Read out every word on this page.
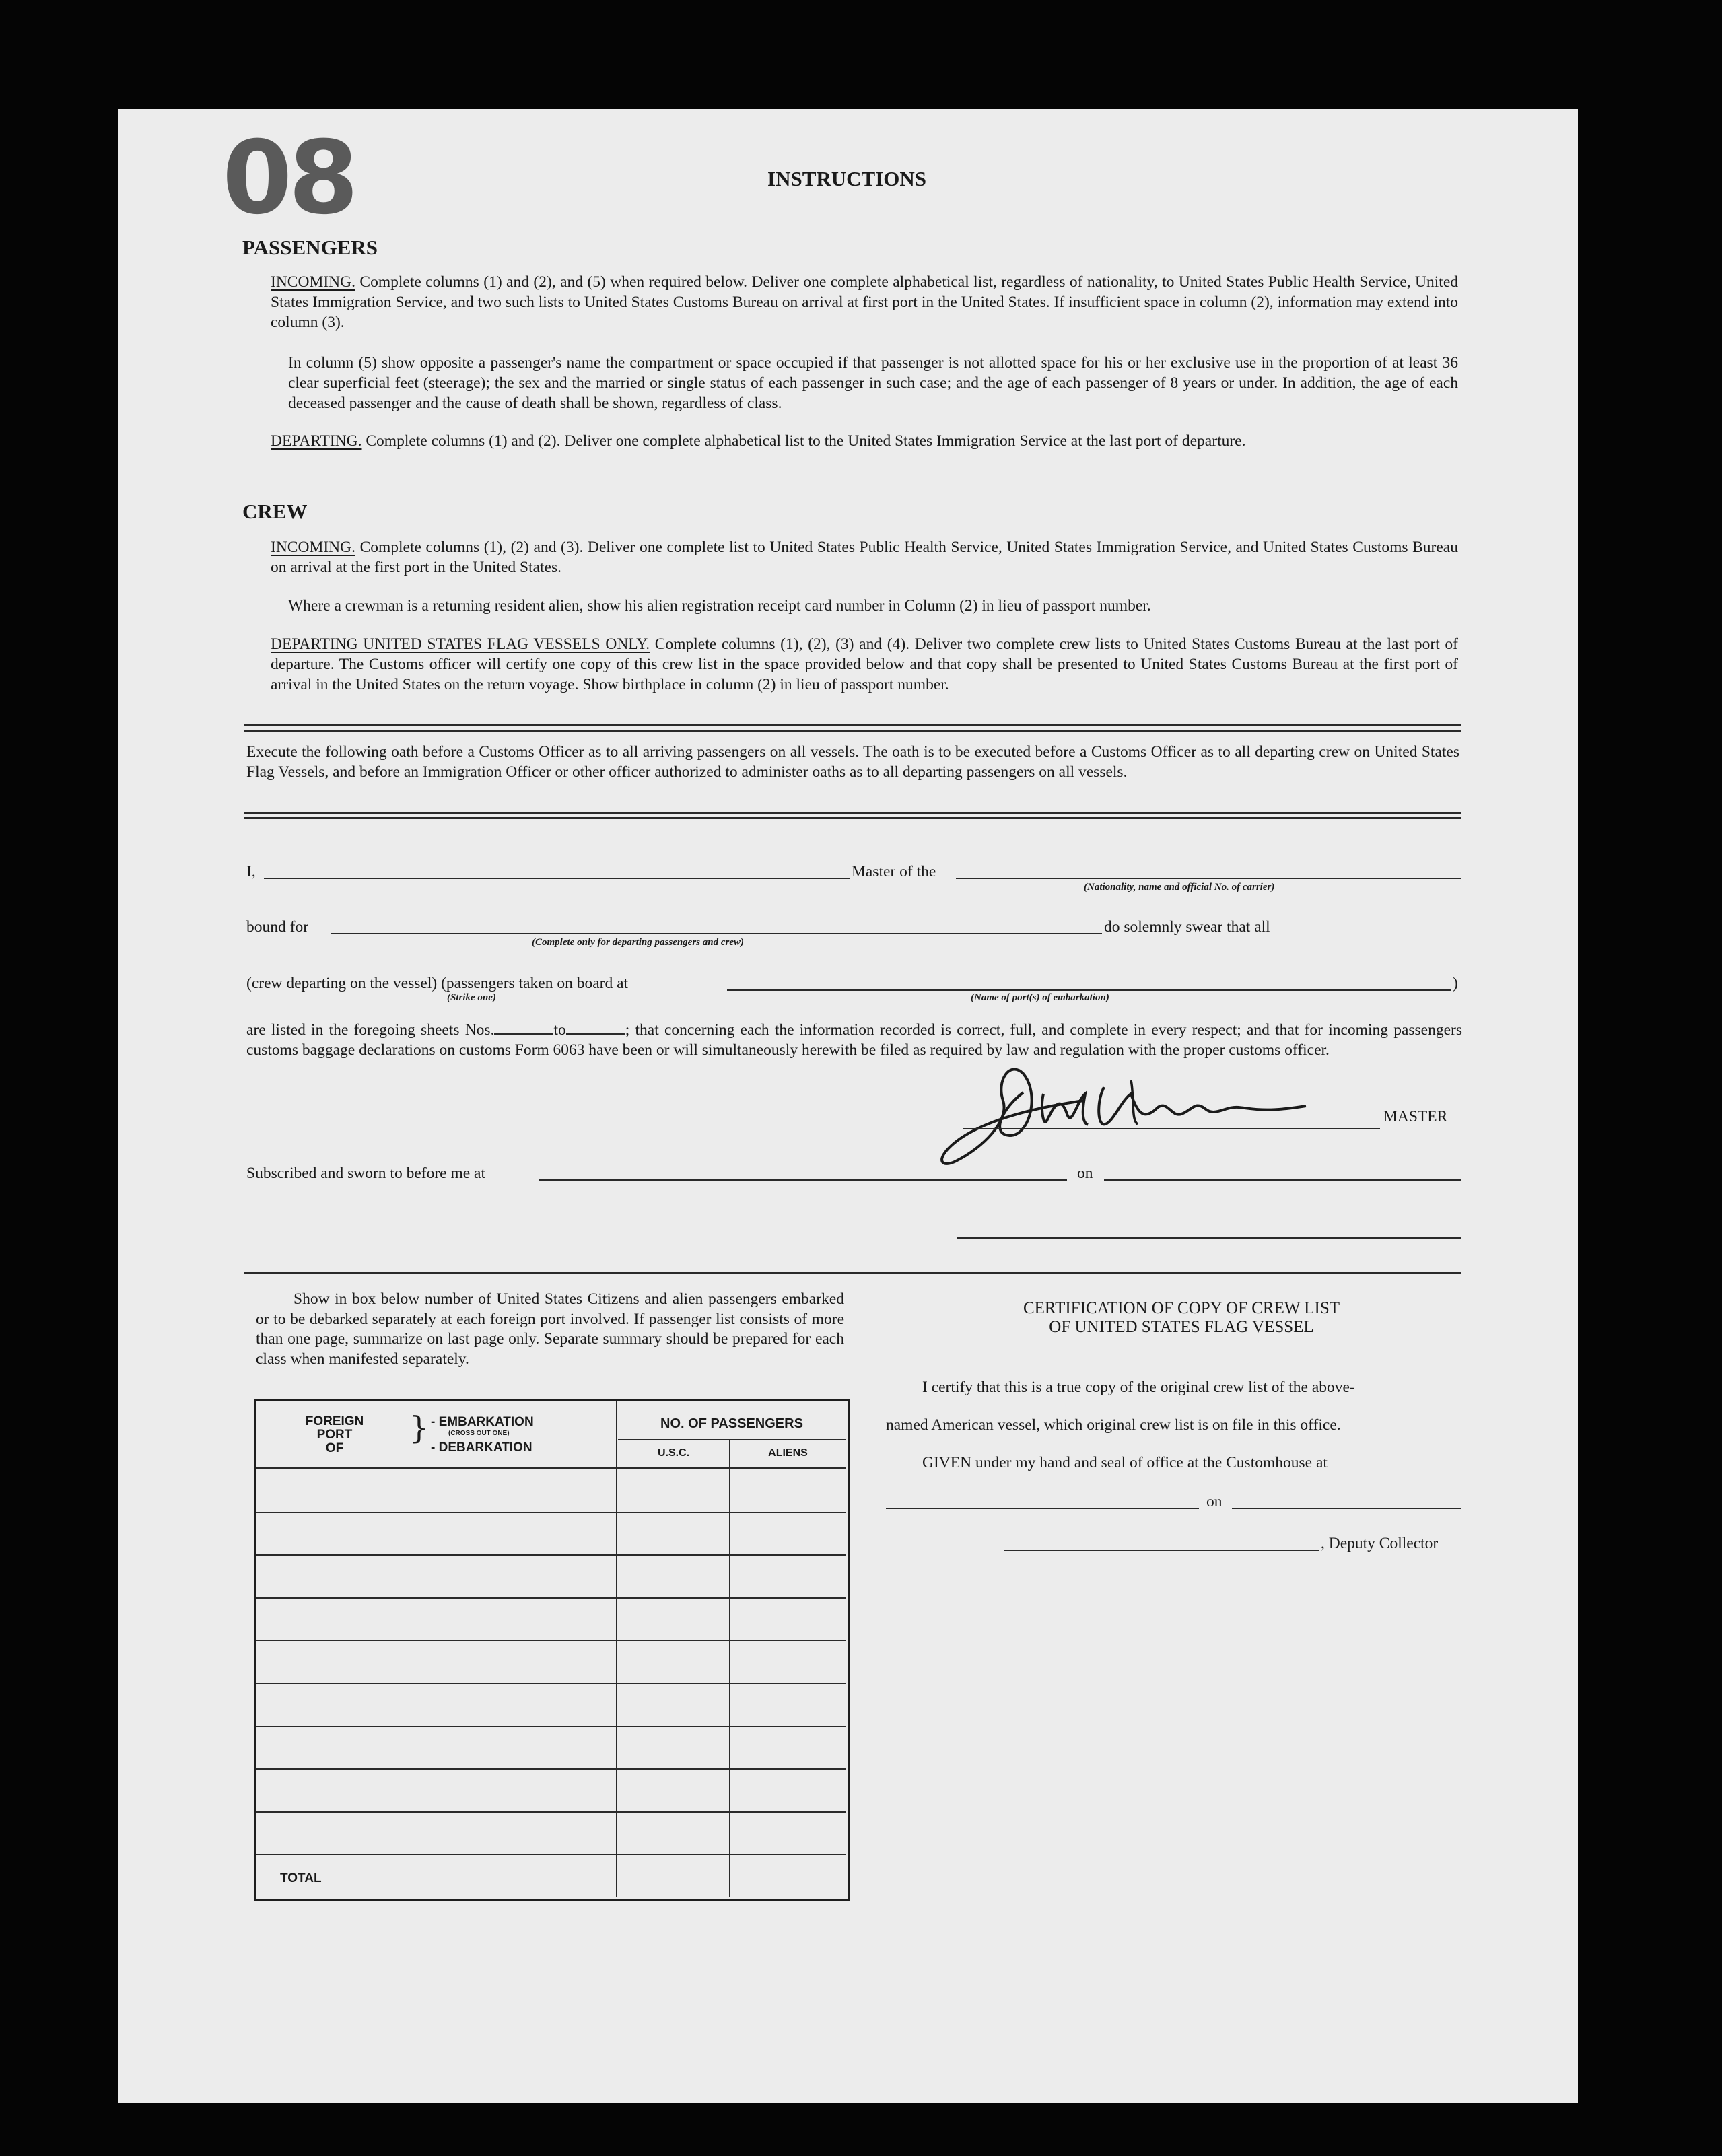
08	INSTRUCTIONS
PASSENGERS
INCOMING. Complete columns (1) and (2), and (5) when required below. Deliver one complete alphabetical list, regardless of nationality, to United States Public Health Service, United States Immigration Service, and two such lists to United States Customs Bureau on arrival at first port in the United States. If insufficient space in column (2), information may extend into column (3).
In column (5) show opposite a passenger's name the compartment or space occupied if that passenger is not allotted space for his or her exclusive use in the proportion of at least 36 clear superficial feet (steerage); the sex and the married or single status of each passenger in such case; and the age of each passenger of 8 years or under. In addition, the age of each deceased passenger and the cause of death shall be shown, regardless of class.
DEPARTING. Complete columns (1) and (2). Deliver one complete alphabetical list to the United States Immigration Service at the last port of departure.
CREW
INCOMING. Complete columns (1), (2) and (3). Deliver one complete list to United States Public Health Service, United States Immigration Service, and United States Customs Bureau on arrival at the first port in the United States.
Where a crewman is a returning resident alien, show his alien registration receipt card number in Column (2) in lieu of passport number.
DEPARTING UNITED STATES FLAG VESSELS ONLY. Complete columns (1), (2), (3) and (4). Deliver two complete crew lists to United States Customs Bureau at the last port of departure. The Customs officer will certify one copy of this crew list in the space provided below and that copy shall be presented to United States Customs Bureau at the first port of arrival in the United States on the return voyage. Show birthplace in column (2) in lieu of passport number.
Execute the following oath before a Customs Officer as to all arriving passengers on all vessels. The oath is to be executed before a Customs Officer as to all departing crew on United States Flag Vessels, and before an Immigration Officer or other officer authorized to administer oaths as to all departing passengers on all vessels.
I,	Master of the
(Nationality, name and official No. of carrier)
bound for
(Complete only for departing passengers and crew)
do solemnly swear that all
(crew departing on the vessel) (passengers taken on board at
(Strike one)	(Name of port(s) of embarkation)
)
are listed in the foregoing sheets Nos.	to	; that concerning each the information recorded is correct, full, and complete in every respect; and that for incoming passengers customs baggage declarations on customs Form 6063 have been or will simultaneously herewith be filed as required by law and regulation with the proper customs officer.
MASTER
Subscribed and sworn to before me at	on
Show in box below number of United States Citizens and alien passengers embarked or to be debarked separately at each foreign port involved. If passenger list consists of more than one page, summarize on last page only. Separate summary should be prepared for each class when manifested separately.
FOREIGN
PORT
OF
} - EMBARKATION
(CROSS OUT ONE)
- DEBARKATION
NO. OF PASSENGERS
U.S.C.	ALIENS
TOTAL
CERTIFICATION OF COPY OF CREW LIST
OF UNITED STATES FLAG VESSEL
I certify that this is a true copy of the original crew list of the above-
named American vessel, which original crew list is on file in this office.
GIVEN under my hand and seal of office at the Customhouse at
on
, Deputy Collector
